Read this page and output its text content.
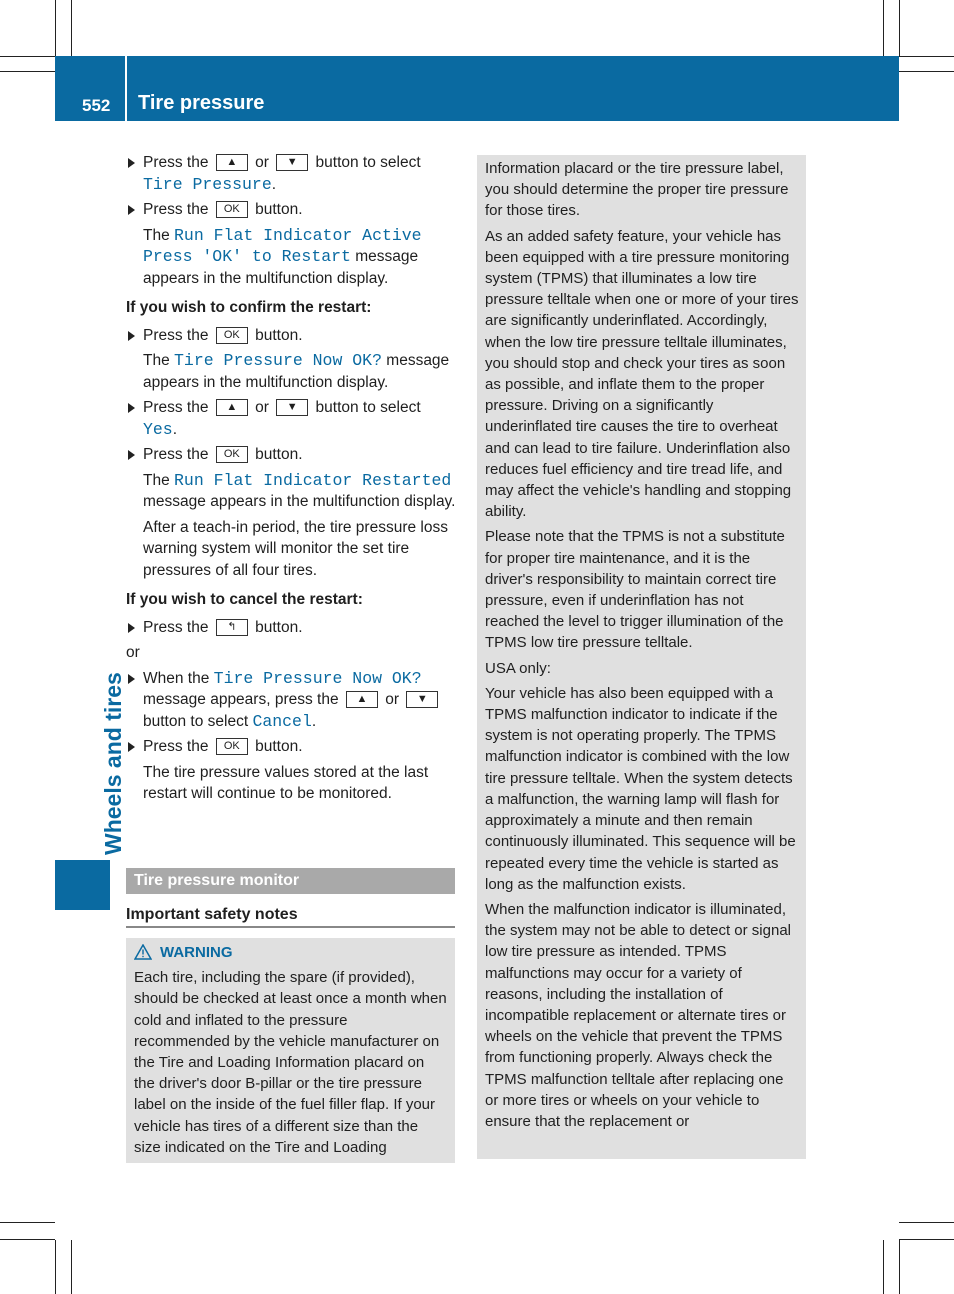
552 Tire pressure
Wheels and tires
Press the ▲ or ▼ button to select Tire Pressure.
Press the OK button.
The Run Flat Indicator Active Press 'OK' to Restart message appears in the multifunction display.
If you wish to confirm the restart:
Press the OK button.
The Tire Pressure Now OK? message appears in the multifunction display.
Press the ▲ or ▼ button to select Yes.
Press the OK button.
The Run Flat Indicator Restarted message appears in the multifunction display.
After a teach-in period, the tire pressure loss warning system will monitor the set tire pressures of all four tires.
If you wish to cancel the restart:
Press the ↰ button.
or
When the Tire Pressure Now OK? message appears, press the ▲ or ▼ button to select Cancel.
Press the OK button.
The tire pressure values stored at the last restart will continue to be monitored.
Tire pressure monitor
Important safety notes
WARNING
Each tire, including the spare (if provided), should be checked at least once a month when cold and inflated to the pressure recommended by the vehicle manufacturer on the Tire and Loading Information placard on the driver's door B-pillar or the tire pressure label on the inside of the fuel filler flap. If your vehicle has tires of a different size than the size indicated on the Tire and Loading

Information placard or the tire pressure label, you should determine the proper tire pressure for those tires.

As an added safety feature, your vehicle has been equipped with a tire pressure monitoring system (TPMS) that illuminates a low tire pressure telltale when one or more of your tires are significantly underinflated. Accordingly, when the low tire pressure telltale illuminates, you should stop and check your tires as soon as possible, and inflate them to the proper pressure. Driving on a significantly underinflated tire causes the tire to overheat and can lead to tire failure. Underinflation also reduces fuel efficiency and tire tread life, and may affect the vehicle's handling and stopping ability.

Please note that the TPMS is not a substitute for proper tire maintenance, and it is the driver's responsibility to maintain correct tire pressure, even if underinflation has not reached the level to trigger illumination of the TPMS low tire pressure telltale.

USA only:

Your vehicle has also been equipped with a TPMS malfunction indicator to indicate if the system is not operating properly. The TPMS malfunction indicator is combined with the low tire pressure telltale. When the system detects a malfunction, the warning lamp will flash for approximately a minute and then remain continuously illuminated. This sequence will be repeated every time the vehicle is started as long as the malfunction exists.

When the malfunction indicator is illuminated, the system may not be able to detect or signal low tire pressure as intended. TPMS malfunctions may occur for a variety of reasons, including the installation of incompatible replacement or alternate tires or wheels on the vehicle that prevent the TPMS from functioning properly. Always check the TPMS malfunction telltale after replacing one or more tires or wheels on your vehicle to ensure that the replacement or
